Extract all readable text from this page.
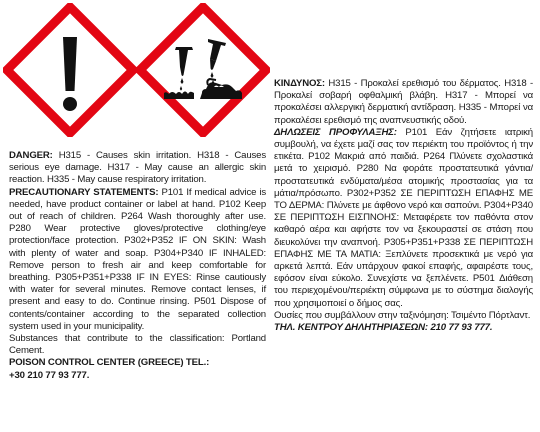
DANGER: H315 - Causes skin irritation. H318 - Causes serious eye damage. H317 - May cause an allergic skin reaction. H335 - May cause respiratory irritation.

PRECAUTIONARY STATEMENTS: P101 If medical advice is needed, have product container or label at hand. P102 Keep out of reach of children. P264 Wash thoroughly after use. P280 Wear protective gloves/protective clothing/eye protection/face protection. P302+P352 IF ON SKIN: Wash with plenty of water and soap. P304+P340 IF INHALED: Remove person to fresh air and keep comfortable for breathing. P305+P351+P338 IF IN EYES: Rinse cautiously with water for several minutes. Remove contact lenses, if present and easy to do. Continue rinsing. P501 Dispose of contents/container according to the separated collection system used in your municipality.

Substances that contribute to the classification: Portland Cement.

POISON CONTROL CENTER (GREECE) TEL.:
+30 210 77 93 777.

ΚΙΝΔΥΝΟΣ: H315 - Προκαλεί ερεθισμό του δέρματος. H318 - Προκαλεί σοβαρή οφθαλμική βλάβη. H317 - Μπορεί να προκαλέσει αλλεργική δερματική αντίδραση. H335 - Μπορεί να προκαλέσει ερεθισμό της αναπνευστικής οδού.

ΔΗΛΩΣΕΙΣ ΠΡΟΦΥΛΑΞΗΣ: P101 Εάν ζητήσετε ιατρική συμβουλή, να έχετε μαζί σας τον περιέκτη του προϊόντος ή την ετικέτα. P102 Μακριά από παιδιά. P264 Πλύνετε σχολαστικά μετά το χειρισμό. P280 Να φοράτε προστατευτικά γάντια/προστατευτικά ενδύματα/μέσα ατομικής προστασίας για τα μάτια/πρόσωπο. P302+P352 ΣΕ ΠΕΡΙΠΤΩΣΗ ΕΠΑΦΗΣ ΜΕ ΤΟ ΔΕΡΜΑ: Πλύνετε με άφθονο νερό και σαπούνι. P304+P340 ΣΕ ΠΕΡΙΠΤΩΣΗ ΕΙΣΠΝΟΗΣ: Μεταφέρετε τον παθόντα στον καθαρό αέρα και αφήστε τον να ξεκουραστεί σε στάση που διευκολύνει την αναπνοή. P305+P351+P338 ΣΕ ΠΕΡΙΠΤΩΣΗ ΕΠΑΦΗΣ ΜΕ ΤΑ ΜΑΤΙΑ: Ξεπλύνετε προσεκτικά με νερό για αρκετά λεπτά. Εάν υπάρχουν φακοί επαφής, αφαιρέστε τους, εφόσον είναι εύκολο. Συνεχίστε να ξεπλένετε. P501 Διάθεση του περιεχομένου/περιέκτη σύμφωνα με το σύστημα διαλογής που χρησιμοποιεί ο δήμος σας.

Ουσίες που συμβάλλουν στην ταξινόμηση: Τσιμέντο Πόρτλαντ.

ΤΗΛ. ΚΕΝΤΡΟΥ ΔΗΛΗΤΗΡΙΑΣΕΩΝ: 210 77 93 777.
